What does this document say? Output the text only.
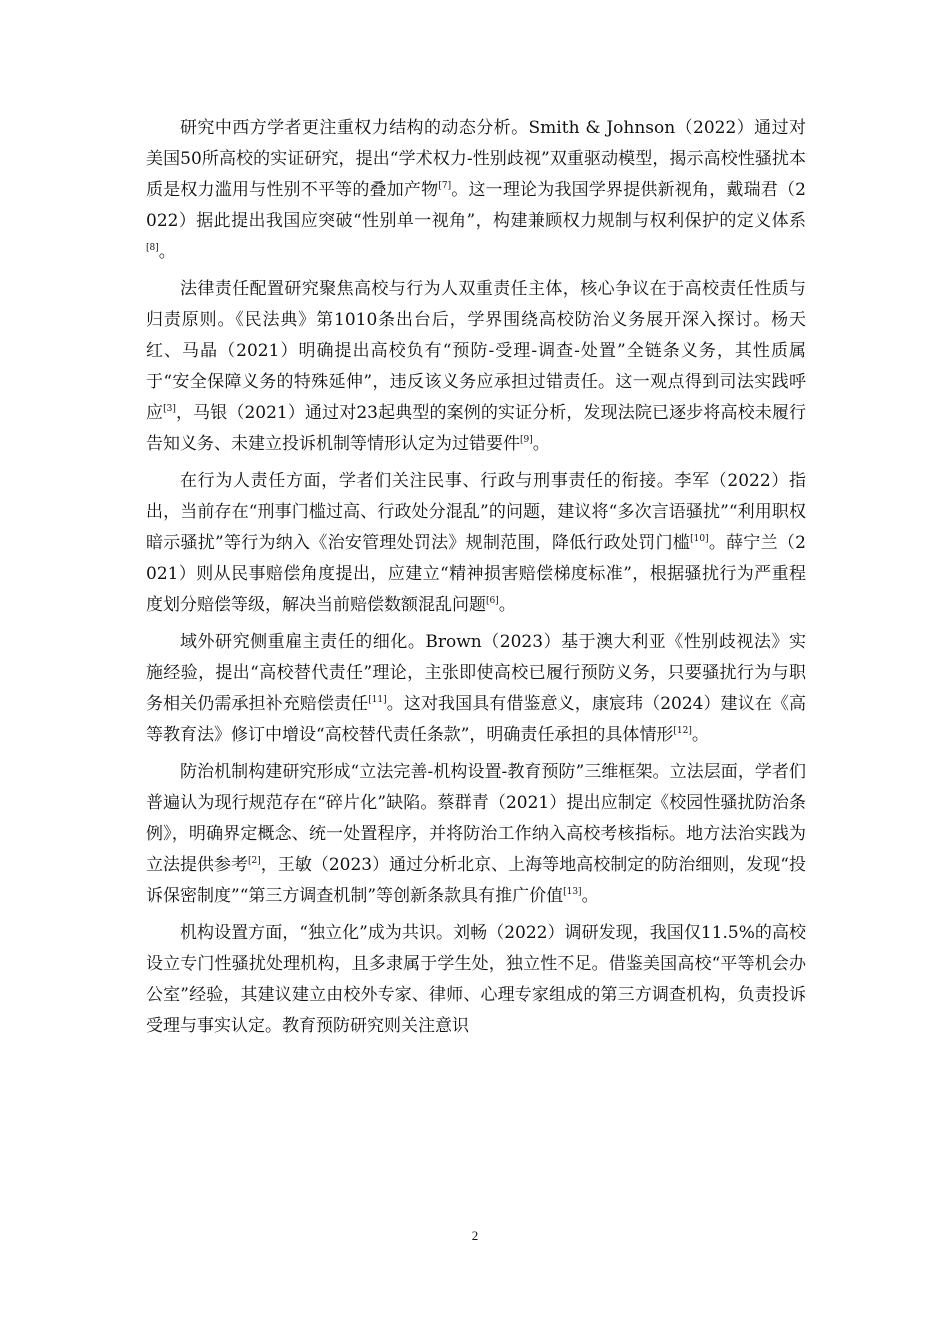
研究中西方学者更注重权力结构的动态分析。Smith & Johnson（2022）通过对美国50所高校的实证研究，提出“学术权力-性别歧视”双重驱动模型，揭示高校性骚扰本质是权力滥用与性别不平等的叠加产物[7]。这一理论为我国学界提供新视角，戴瑞君（2022）据此提出我国应突破“性别单一视角”，构建兼顾权力规制与权利保护的定义体系[8]。

法律责任配置研究聚焦高校与行为人双重责任主体，核心争议在于高校责任性质与归责原则。《民法典》第1010条出台后，学界围绕高校防治义务展开深入探讨。杨天红、马晶（2021）明确提出高校负有“预防-受理-调查-处置”全链条义务，其性质属于“安全保障义务的特殊延伸”，违反该义务应承担过错责任。这一观点得到司法实践呼应[3]，马银（2021）通过对23起典型的案例的实证分析，发现法院已逐步将高校未履行告知义务、未建立投诉机制等情形认定为过错要件[9]。

在行为人责任方面，学者们关注民事、行政与刑事责任的衔接。李军（2022）指出，当前存在“刑事门槛过高、行政处分混乱”的问题，建议将“多次言语骚扰”“利用职权暗示骚扰”等行为纳入《治安管理处罚法》规制范围，降低行政处罚门槛[10]。薛宁兰（2021）则从民事赔偿角度提出，应建立“精神损害赔偿梯度标准”，根据骚扰行为严重程度划分赔偿等级，解决当前赔偿数额混乱问题[6]。

域外研究侧重雇主责任的细化。Brown（2023）基于澳大利亚《性别歧视法》实施经验，提出“高校替代责任”理论，主张即使高校已履行预防义务，只要骚扰行为与职务相关仍需承担补充赔偿责任[11]。这对我国具有借鉴意义，康宸玮（2024）建议在《高等教育法》修订中增设“高校替代责任条款”，明确责任承担的具体情形[12]。

防治机制构建研究形成“立法完善-机构设置-教育预防”三维框架。立法层面，学者们普遍认为现行规范存在“碎片化”缺陷。蔡群青（2021）提出应制定《校园性骚扰防治条例》，明确界定概念、统一处置程序，并将防治工作纳入高校考核指标。地方法治实践为立法提供参考[2]，王敏（2023）通过分析北京、上海等地高校制定的防治细则，发现“投诉保密制度”“第三方调查机制”等创新条款具有推广价值[13]。

机构设置方面，“独立化”成为共识。刘畅（2022）调研发现，我国仅11.5%的高校设立专门性骚扰处理机构，且多隶属于学生处，独立性不足。借鉴美国高校“平等机会办公室”经验，其建议建立由校外专家、律师、心理专家组成的第三方调查机构，负责投诉受理与事实认定。教育预防研究则关注意识

2
